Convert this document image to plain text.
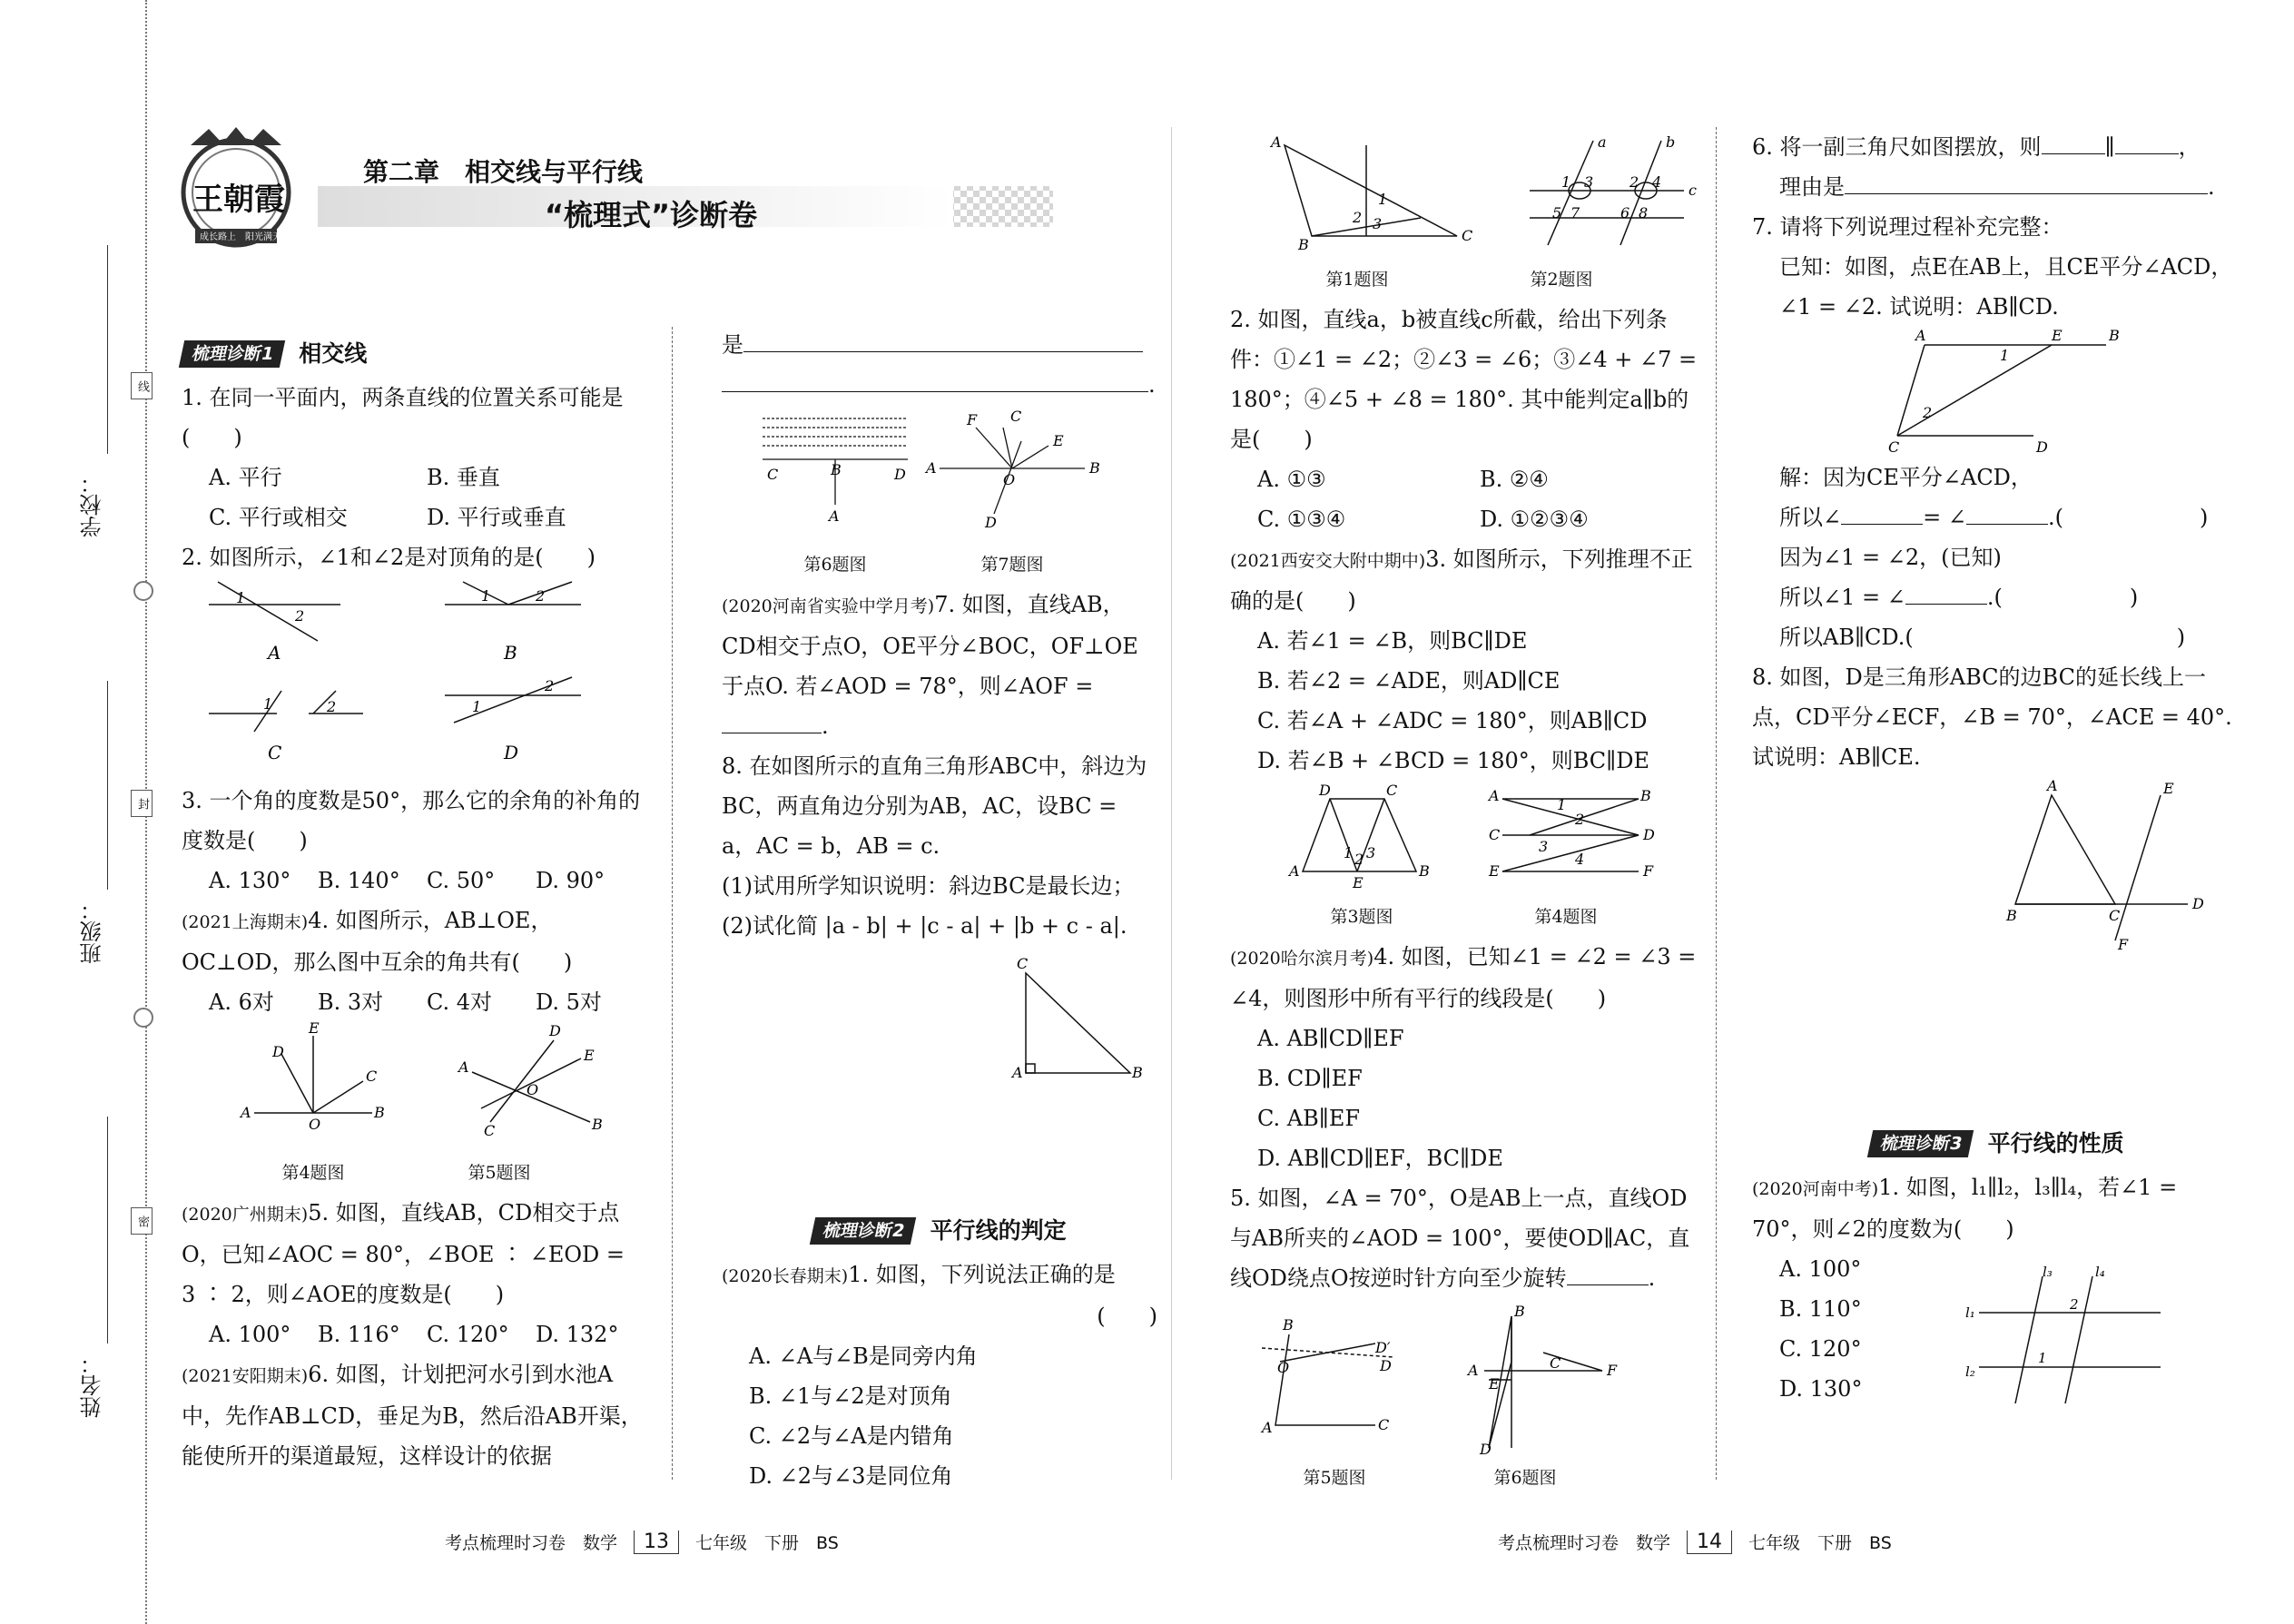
学校：
班级：
姓名：
线
封
密
王朝霞
成长路上　 阳光满天
第二章　相交线与平行线
“梳理式”诊断卷
梳理诊断1	相交线

1. 在同一平面内，两条直线的位置关系可能是(　　)

A. 平行	B. 垂直
C. 平行或相交	D. 平行或垂直

2. 如图所示，∠1和∠2是对顶角的是(　　)

1
2
1	2
1	2	1
2
A	B
C	D

3. 一个角的度数是50°，那么它的余角的补角的度数是(　　)

A. 130°	B. 140°	C. 50°	D. 90°

(2021上海期末)4. 如图所示，AB⊥OE，OC⊥OD，那么图中互余的角共有(　　)

A. 6对	B. 3对	C. 4对	D. 5对
A	B
E
D
C
O
A
B
D
E
C
O
第4题图	第5题图

(2020广州期末)5. 如图，直线AB，CD相交于点O，已知∠AOC = 80°，∠BOE ∶ ∠EOD = 3 ∶ 2，则∠AOE的度数是(　　)

A. 100°	B. 116°	C. 120°	D. 132°

(2021安阳期末)6. 如图，计划把河水引到水池A中，先作AB⊥CD，垂足为B，然后沿AB开渠，能使所开的渠道最短，这样设计的依据

是

.

C	B	D
A
A	B
O
F C
E
D
第6题图	第7题图

(2020河南省实验中学月考)7. 如图，直线AB，CD相交于点O，OE平分∠BOC，OF⊥OE于点O. 若∠AOD = 78°，则∠AOF =.

8. 在如图所示的直角三角形ABC中，斜边为BC，两直角边分别为AB，AC，设BC = a，AC = b，AB = c.

(1)试用所学知识说明：斜边BC是最长边；

(2)试化简 |a - b| + |c - a| + |b + c - a|.

C
A	B
梳理诊断2	平行线的判定

(2020长春期末)1. 如图，下列说法正确的是

(　　)

A. ∠A与∠B是同旁内角

B. ∠1与∠2是对顶角

C. ∠2与∠A是内错角

D. ∠2与∠3是同位角

A
B
C
1
2 3
a	b
c
1 3 2 4
5 7	6 8
第1题图	第2题图

2. 如图，直线a，b被直线c所截，给出下列条件：①∠1 = ∠2；②∠3 = ∠6；③∠4 + ∠7 = 180°；④∠5 + ∠8 = 180°. 其中能判定a∥b的是(　　)

A. ①③	B. ②④
C. ①③④	D. ①②③④

(2021西安交大附中期中)3. 如图所示，下列推理不正确的是(　　)

A. 若∠1 = ∠B，则BC∥DE

B. 若∠2 = ∠ADE，则AD∥CE

C. 若∠A + ∠ADC = 180°，则AB∥CD

D. 若∠B + ∠BCD = 180°，则BC∥DE

D	C
A	B
E
1 2 3
A	B
C	D
E	F
1
2
3
4
第3题图	第4题图

(2020哈尔滨月考)4. 如图，已知∠1 = ∠2 = ∠3 = ∠4，则图形中所有平行的线段是(　　)

A. AB∥CD∥EF

B. CD∥EF

C. AB∥EF

D. AB∥CD∥EF，BC∥DE

5. 如图，∠A = 70°，O是AB上一点，直线OD与AB所夹的∠AOD = 100°，要使OD∥AC，直线OD绕点O按逆时针方向至少旋转	.

B
O
A	C
D′
D
B
A
E
C	F
D
第5题图	第6题图

6. 将一副三角尺如图摆放，则	∥	，

理由是	.

7. 请将下列说理过程补充完整：

已知：如图，点E在AB上，且CE平分∠ACD，∠1 = ∠2. 试说明：AB∥CD.

A	E	B
C	D
1
2

解：因为CE平分∠ACD，

所以∠	= ∠	.(	)

因为∠1 = ∠2，(已知)

所以∠1 = ∠	.(	)

所以AB∥CD.(	)

8. 如图，D是三角形ABC的边BC的延长线上一点，CD平分∠ECF，∠B = 70°，∠ACE = 40°. 试说明：AB∥CE.

A
B	C
D
E
F
梳理诊断3	平行线的性质

(2020河南中考)1. 如图，l₁∥l₂，l₃∥l₄，若∠1 = 70°，则∠2的度数为(　　)

A. 100°

B. 110°

C. 120°

D. 130°

l₃	l₄
l₁
l₂
2
1
考点梳理时习卷　数学	13	七年级　下册　BS	考点梳理时习卷　数学	14	七年级　下册　BS
